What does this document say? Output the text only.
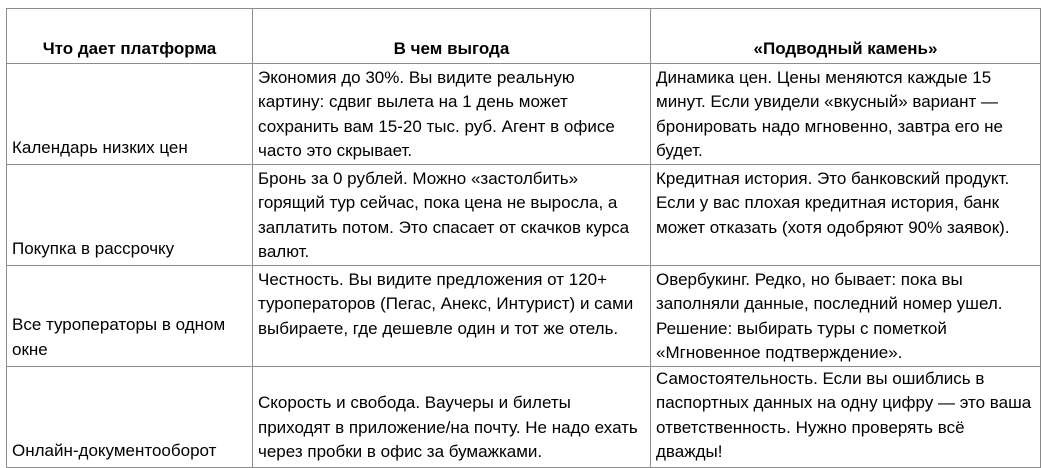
Что дает платформа	В чем выгода	«Подводный камень»
Календарь низких цен	Экономия до 30%. Вы видите реальную картину: сдвиг вылета на 1 день может сохранить вам 15-20 тыс. руб. Агент в офисе часто это скрывает.	Динамика цен. Цены меняются каждые 15 минут. Если увидели «вкусный» вариант — бронировать надо мгновенно, завтра его не будет.
Покупка в рассрочку	Бронь за 0 рублей. Можно «застолбить» горящий тур сейчас, пока цена не выросла, а заплатить потом. Это спасает от скачков курса валют.	Кредитная история. Это банковский продукт. Если у вас плохая кредитная история, банк может отказать (хотя одобряют 90% заявок).
Все туроператоры в одном окне	Честность. Вы видите предложения от 120+ туроператоров (Пегас, Анекс, Интурист) и сами выбираете, где дешевле один и тот же отель.	Овербукинг. Редко, но бывает: пока вы заполняли данные, последний номер ушел. Решение: выбирать туры с пометкой «Мгновенное подтверждение».
Онлайн-документооборот	Скорость и свобода. Ваучеры и билеты приходят в приложение/на почту. Не надо ехать через пробки в офис за бумажками.	Самостоятельность. Если вы ошиблись в паспортных данных на одну цифру — это ваша ответственность. Нужно проверять всё дважды!
